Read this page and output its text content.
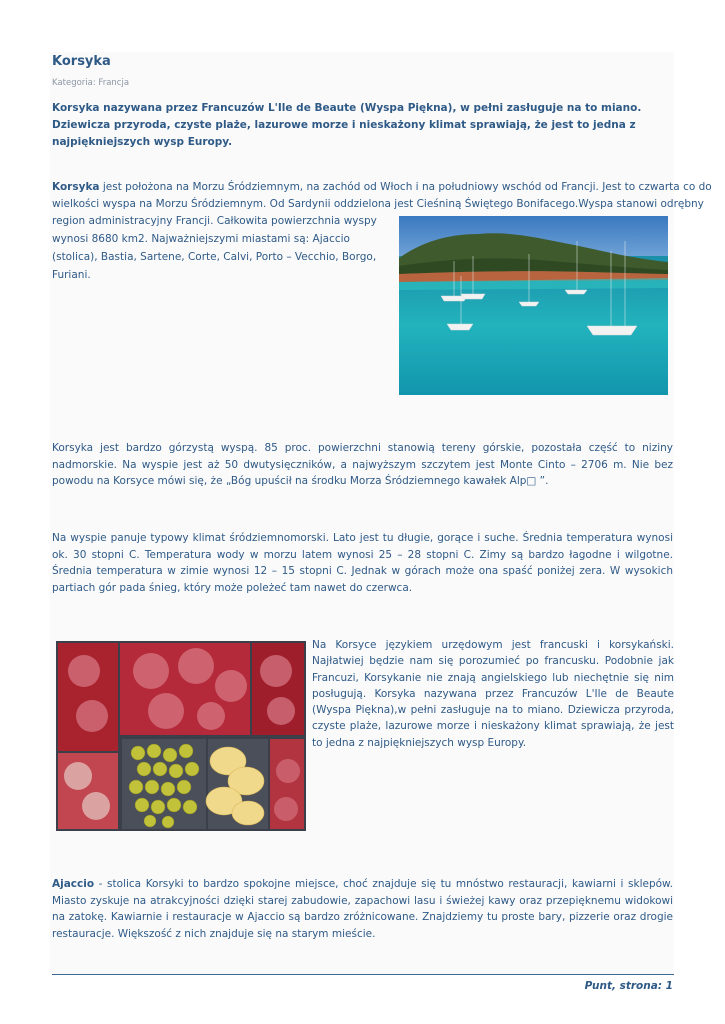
Korsyka
Kategoria: Francja

Korsyka nazywana przez Francuzów L'Ile de Beaute (Wyspa Piękna), w pełni zasługuje na to miano. Dziewicza przyroda, czyste plaże, lazurowe morze i nieskażony klimat sprawiają, że jest to jedna z najpiękniejszych wysp Europy.

Korsyka jest położona na Morzu Śródziemnym, na zachód od Włoch i na południowy wschód od Francji. Jest to czwarta co do
wielkości wyspa na Morzu Śródziemnym. Od Sardynii oddzielona jest Cieśniną Świętego Bonifacego.Wyspa stanowi odrębny

region administracyjny Francji. Całkowita powierzchnia wyspy wynosi 8680 km2. Najważniejszymi miastami są: Ajaccio (stolica), Bastia, Sartene, Corte, Calvi, Porto – Vecchio, Borgo, Furiani.

Korsyka jest bardzo górzystą wyspą. 85 proc. powierzchni stanowią tereny górskie, pozostała część to niziny nadmorskie. Na wyspie jest aż 50 dwutysięczników, a najwyższym szczytem jest Monte Cinto – 2706 m. Nie bez powodu na Korsyce mówi się, że „Bóg upuścił na środku Morza Śródziemnego kawałek Alp□ ”.

Na wyspie panuje typowy klimat śródziemnomorski. Lato jest tu długie, gorące i suche. Średnia temperatura wynosi ok. 30 stopni C. Temperatura wody w morzu latem wynosi 25 – 28 stopni C. Zimy są bardzo łagodne i wilgotne. Średnia temperatura w zimie wynosi 12 – 15 stopni C. Jednak w górach może ona spaść poniżej zera. W wysokich partiach gór pada śnieg, który może poleżeć tam nawet do czerwca.

Na Korsyce językiem urzędowym jest francuski i korsykański. Najłatwiej będzie nam się porozumieć po francusku. Podobnie jak Francuzi, Korsykanie nie znają angielskiego lub niechętnie się nim posługują. Korsyka nazywana przez Francuzów L'Ile de Beaute (Wyspa Piękna),w pełni zasługuje na to miano. Dziewicza przyroda, czyste plaże, lazurowe morze i nieskażony klimat sprawiają, że jest to jedna z najpiękniejszych wysp Europy.

Ajaccio - stolica Korsyki to bardzo spokojne miejsce, choć znajduje się tu mnóstwo restauracji, kawiarni i sklepów. Miasto zyskuje na atrakcyjności dzięki starej zabudowie, zapachowi lasu i świeżej kawy oraz przepięknemu widokowi na zatokę. Kawiarnie i restauracje w Ajaccio są bardzo zróżnicowane. Znajdziemy tu proste bary, pizzerie oraz drogie restauracje. Większość z nich znajduje się na starym mieście.

Punt, strona: 1
